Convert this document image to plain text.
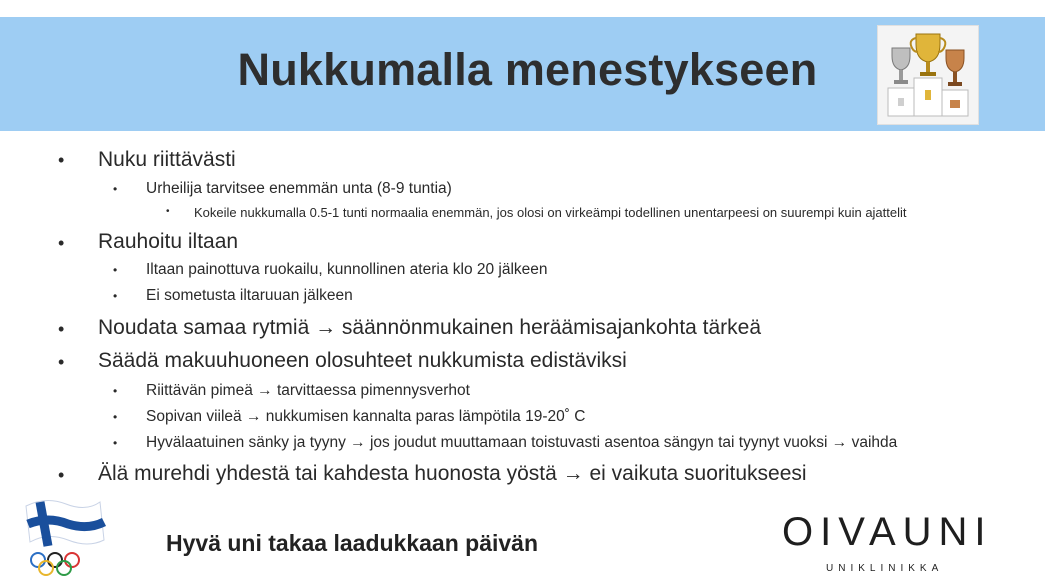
Nukkumalla menestykseen
• Nuku riittävästi
• Urheilija tarvitsee enemmän unta (8-9 tuntia)
• Kokeile nukkumalla 0.5-1 tunti normaalia enemmän, jos olosi on virkeämpi todellinen unentarpeesi on suurempi kuin ajattelit
• Rauhoitu iltaan
• Iltaan painottuva ruokailu, kunnollinen ateria klo 20 jälkeen
• Ei sometusta iltaruuan jälkeen
• Noudata samaa rytmiä → säännönmukainen heräämisajankohta tärkeä
• Säädä makuuhuoneen olosuhteet nukkumista edistäviksi
• Riittävän pimeä → tarvittaessa pimennysverhot
• Sopivan viileä → nukkumisen kannalta paras lämpötila 19-20˚ C
• Hyvälaatuinen sänky ja tyyny → jos joudut muuttamaan toistuvasti asentoa sängyn tai tyynyt vuoksi → vaihda
• Älä murehdi yhdestä tai kahdesta huonosta yöstä → ei vaikuta suoritukseesi
Hyvä uni takaa laadukkaan päivän	OIVAUNI
UNIKLINIKKA
